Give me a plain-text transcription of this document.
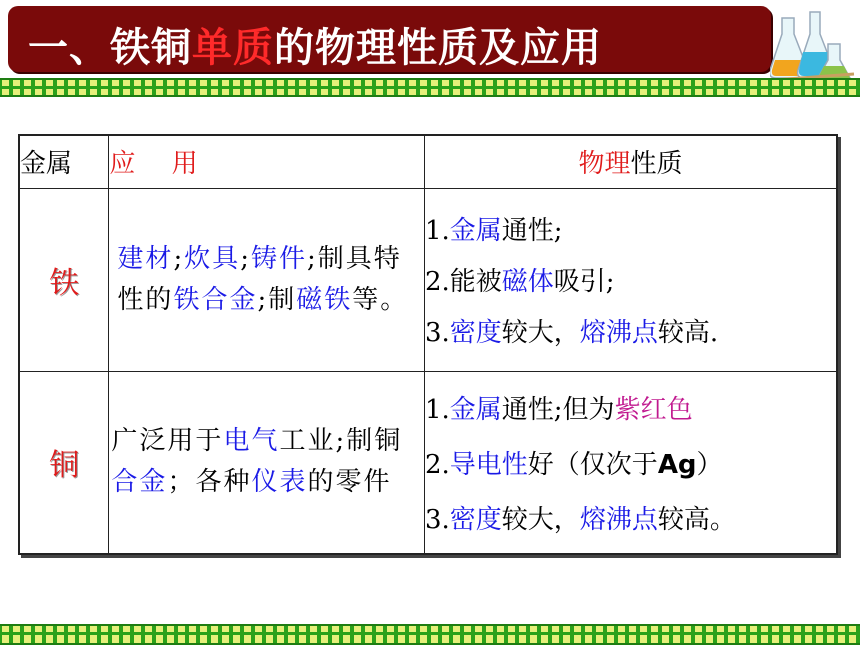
一、铁铜单质的物理性质及应用
金属	应 用	物理性质
铁	建材;炊具;铸件;制具特性的铁合金;制磁铁等。	1.金属通性;
2.能被磁体吸引;
3.密度较大，熔沸点较高.

铜	广泛用于电气工业;制铜合金；各种仪表的零件	1.金属通性;但为紫红色
2.导电性好（仅次于Ag）
3.密度较大，熔沸点较高。
